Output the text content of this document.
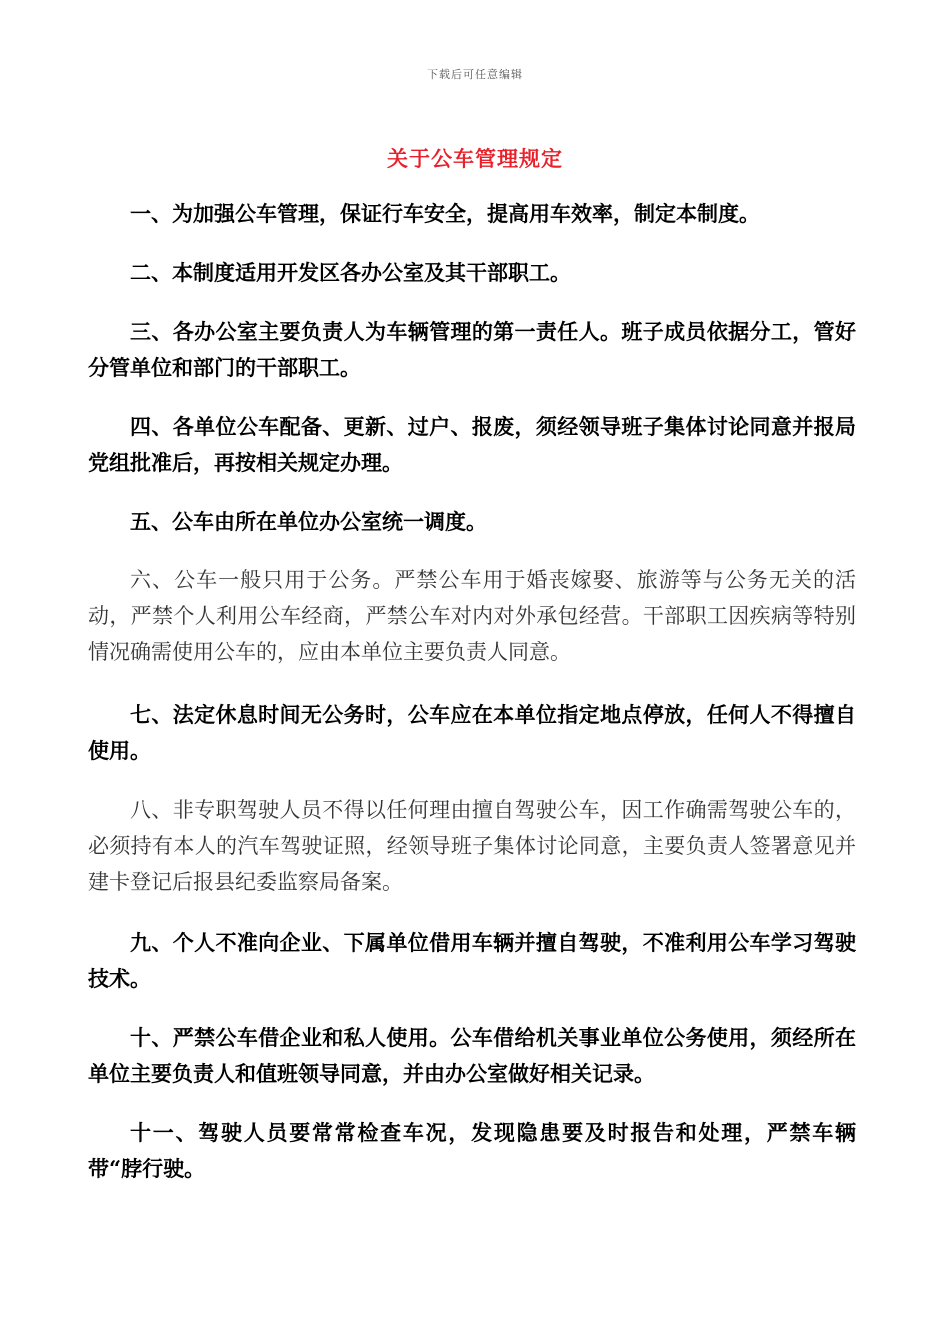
下载后可任意编辑
关于公车管理规定

一、为加强公车管理，保证行车安全，提高用车效率，制定本制度。

二、本制度适用开发区各办公室及其干部职工。

三、各办公室主要负责人为车辆管理的第一责任人。班子成员依据分工，管好分管单位和部门的干部职工。

四、各单位公车配备、更新、过户、报废，须经领导班子集体讨论同意并报局党组批准后，再按相关规定办理。

五、公车由所在单位办公室统一调度。

六、公车一般只用于公务。严禁公车用于婚丧嫁娶、旅游等与公务无关的活动，严禁个人利用公车经商，严禁公车对内对外承包经营。干部职工因疾病等特别情况确需使用公车的，应由本单位主要负责人同意。

七、法定休息时间无公务时，公车应在本单位指定地点停放，任何人不得擅自使用。

八、非专职驾驶人员不得以任何理由擅自驾驶公车，因工作确需驾驶公车的，必须持有本人的汽车驾驶证照，经领导班子集体讨论同意，主要负责人签署意见并建卡登记后报县纪委监察局备案。

九、个人不准向企业、下属单位借用车辆并擅自驾驶，不准利用公车学习驾驶技术。

十、严禁公车借企业和私人使用。公车借给机关事业单位公务使用，须经所在单位主要负责人和值班领导同意，并由办公室做好相关记录。

十一、驾驶人员要常常检查车况，发现隐患要及时报告和处理，严禁车辆带“脖行驶。
